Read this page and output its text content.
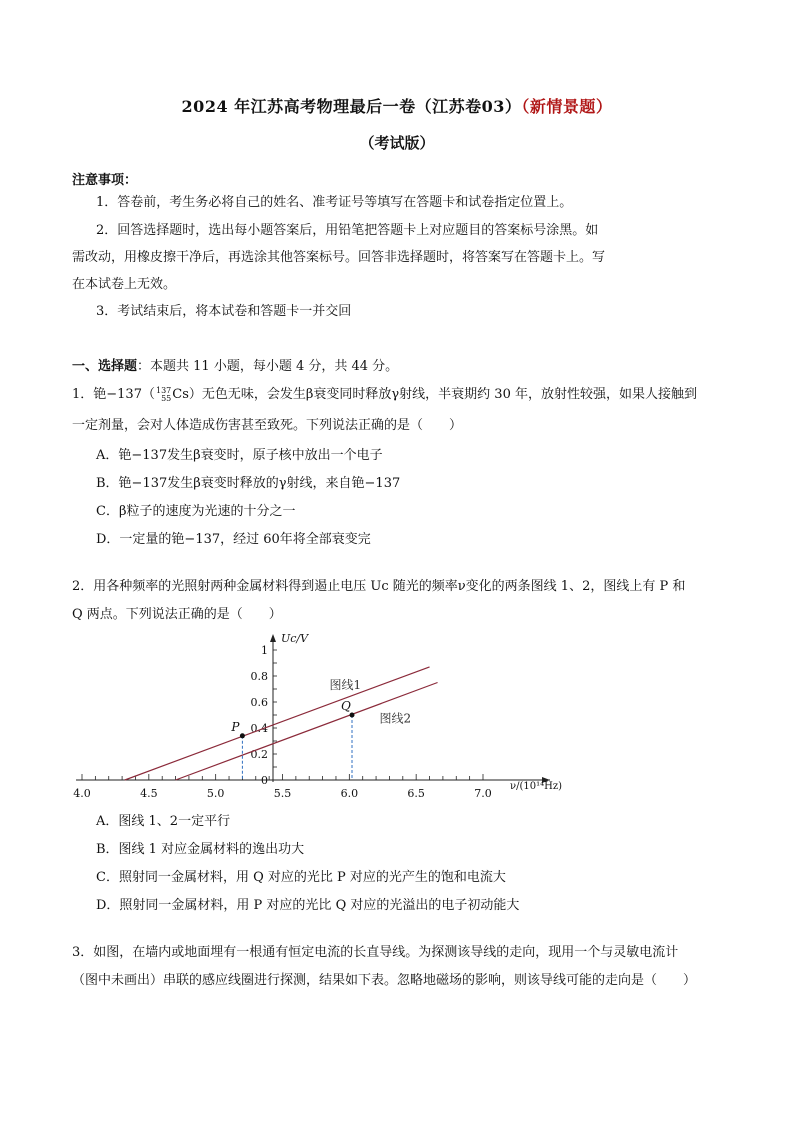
2024 年江苏高考物理最后一卷（江苏卷03）（新情景题）
（考试版）
注意事项：
1．答卷前，考生务必将自己的姓名、准考证号等填写在答题卡和试卷指定位置上。
2．回答选择题时，选出每小题答案后，用铅笔把答题卡上对应题目的答案标号涂黑。如
需改动，用橡皮擦干净后，再选涂其他答案标号。回答非选择题时，将答案写在答题卡上。写
在本试卷上无效。
3．考试结束后，将本试卷和答题卡一并交回
一、选择题：本题共 11 小题，每小题 4 分，共 44 分。
1．铯−137（137
55Cs）无色无味，会发生β衰变同时释放γ射线，半衰期约 30 年，放射性较强，如果人接触到
一定剂量，会对人体造成伤害甚至致死。下列说法正确的是（　　）
A．铯−137发生β衰变时，原子核中放出一个电子
B．铯−137发生β衰变时释放的γ射线，来自铯−137
C．β粒子的速度为光速的十分之一
D．一定量的铯−137，经过 60年将全部衰变完
2．用各种频率的光照射两种金属材料得到遏止电压 Uc 随光的频率ν变化的两条图线 1、2，图线上有 P 和
Q 两点。下列说法正确的是（　　）
4.0	4.5	5.0	5.5	6.0	6.5	7.0
0
0.2
0.4
0.6
0.8
1
Uc/V
ν/(10¹⁴Hz)
图线1
图线2
P
Q
A．图线 1、2一定平行
B．图线 1 对应金属材料的逸出功大
C．照射同一金属材料，用 Q 对应的光比 P 对应的光产生的饱和电流大
D．照射同一金属材料，用 P 对应的光比 Q 对应的光溢出的电子初动能大
3．如图，在墙内或地面埋有一根通有恒定电流的长直导线。为探测该导线的走向，现用一个与灵敏电流计
（图中未画出）串联的感应线圈进行探测，结果如下表。忽略地磁场的影响，则该导线可能的走向是（　　）
